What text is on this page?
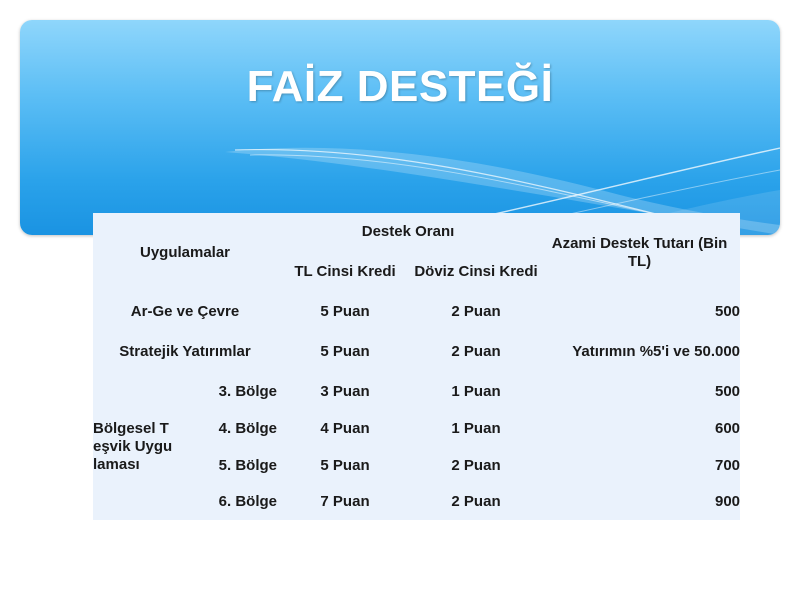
FAİZ DESTEĞİ
Uygulamalar		Destek Oranı		Azami Destek Tutarı (Bin TL)
		TL Cinsi Kredi	Döviz Cinsi Kredi	
Ar-Ge ve Çevre		5 Puan	2 Puan	500
Stratejik Yatırımlar		5 Puan	2 Puan	Yatırımın %5'i ve 50.000
Bölgesel Teşvik Uygulaması	3. Bölge	3 Puan	1 Puan	500
	4. Bölge	4 Puan	1 Puan	600
	5. Bölge	5 Puan	2 Puan	700
	6. Bölge	7 Puan	2 Puan	900
